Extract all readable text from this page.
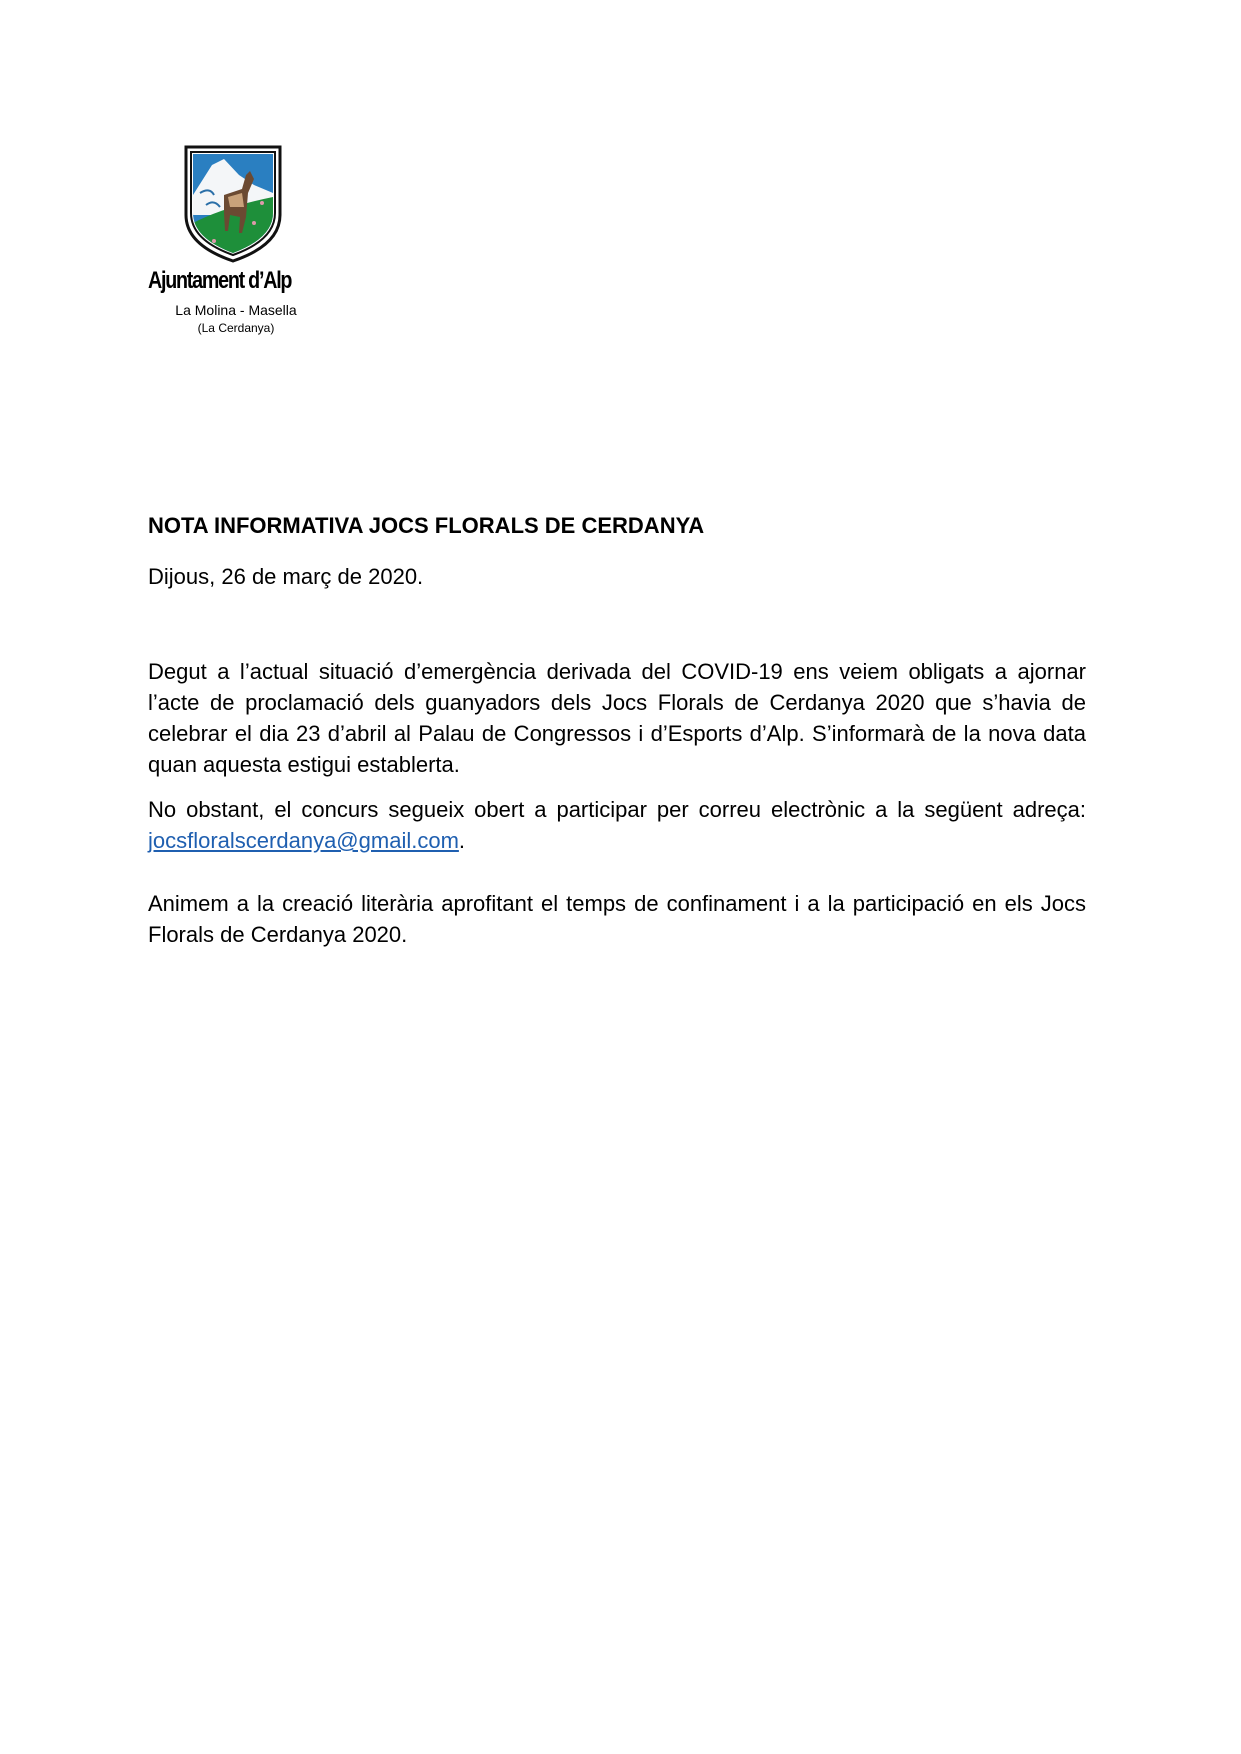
Ajuntament d’Alp
La Molina - Masella
(La Cerdanya)
NOTA INFORMATIVA JOCS FLORALS DE CERDANYA
Dijous, 26 de març de 2020.

Degut a l’actual situació d’emergència derivada del COVID-19 ens veiem obligats a ajornar l’acte de proclamació dels guanyadors dels Jocs Florals de Cerdanya 2020 que s’havia de celebrar el dia 23 d’abril al Palau de Congressos i d’Esports d’Alp. S’informarà de la nova data quan aquesta estigui establerta.

No obstant, el concurs segueix obert a participar per correu electrònic a la següent adreça: jocsfloralscerdanya@gmail.com.

Animem a la creació literària aprofitant el temps de confinament i a la participació en els Jocs Florals de Cerdanya 2020.
